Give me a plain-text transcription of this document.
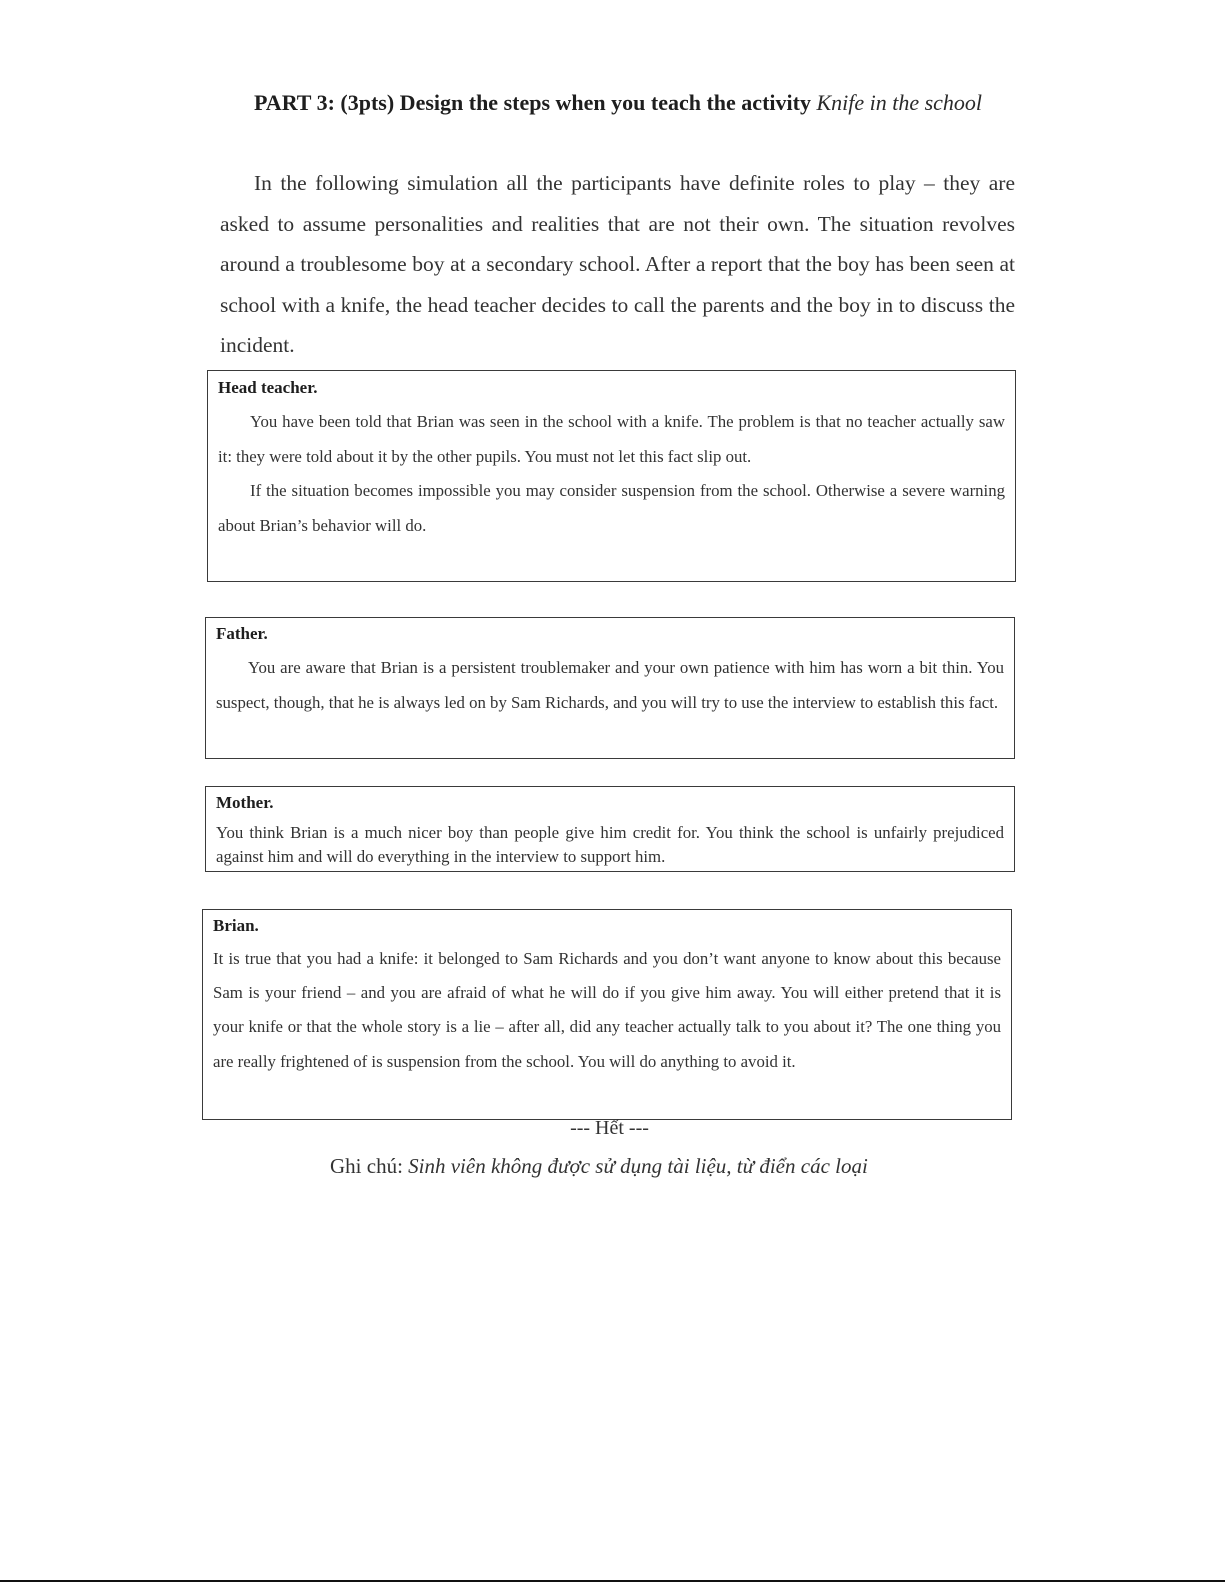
PART 3: (3pts) Design the steps when you teach the activity Knife in the school

In the following simulation all the participants have definite roles to play – they are asked to assume personalities and realities that are not their own. The situation revolves around a troublesome boy at a secondary school. After a report that the boy has been seen at school with a knife, the head teacher decides to call the parents and the boy in to discuss the incident.

Head teacher.

You have been told that Brian was seen in the school with a knife. The problem is that no teacher actually saw it: they were told about it by the other pupils. You must not let this fact slip out.

If the situation becomes impossible you may consider suspension from the school. Otherwise a severe warning about Brian’s behavior will do.

Father.

You are aware that Brian is a persistent troublemaker and your own patience with him has worn a bit thin. You suspect, though, that he is always led on by Sam Richards, and you will try to use the interview to establish this fact.

Mother.

You think Brian is a much nicer boy than people give him credit for. You think the school is unfairly prejudiced against him and will do everything in the interview to support him.

Brian.

It is true that you had a knife: it belonged to Sam Richards and you don’t want anyone to know about this because Sam is your friend – and you are afraid of what he will do if you give him away. You will either pretend that it is your knife or that the whole story is a lie – after all, did any teacher actually talk to you about it? The one thing you are really frightened of is suspension from the school. You will do anything to avoid it.

--- Hết ---
Ghi chú: Sinh viên không được sử dụng tài liệu, từ điển các loại
